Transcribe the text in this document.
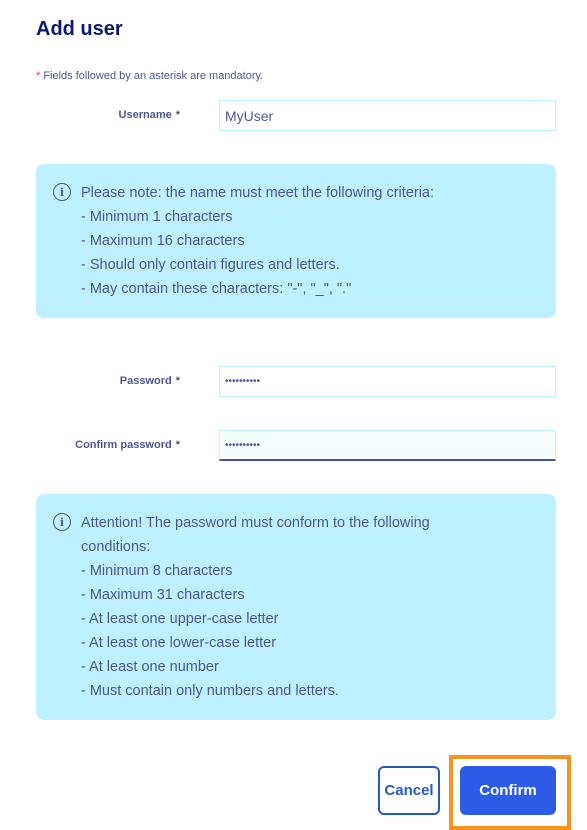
Add user
* Fields followed by an asterisk are mandatory.
Username *
MyUser
i	Please note: the name must meet the following criteria:
- Minimum 1 characters
- Maximum 16 characters
- Should only contain figures and letters.
- May contain these characters: "-", "_", "."
Password *
••••••••••
Confirm password *
••••••••••
i	Attention! The password must conform to the following
conditions:
- Minimum 8 characters
- Maximum 31 characters
- At least one upper-case letter
- At least one lower-case letter
- At least one number
- Must contain only numbers and letters.
Cancel	Confirm
